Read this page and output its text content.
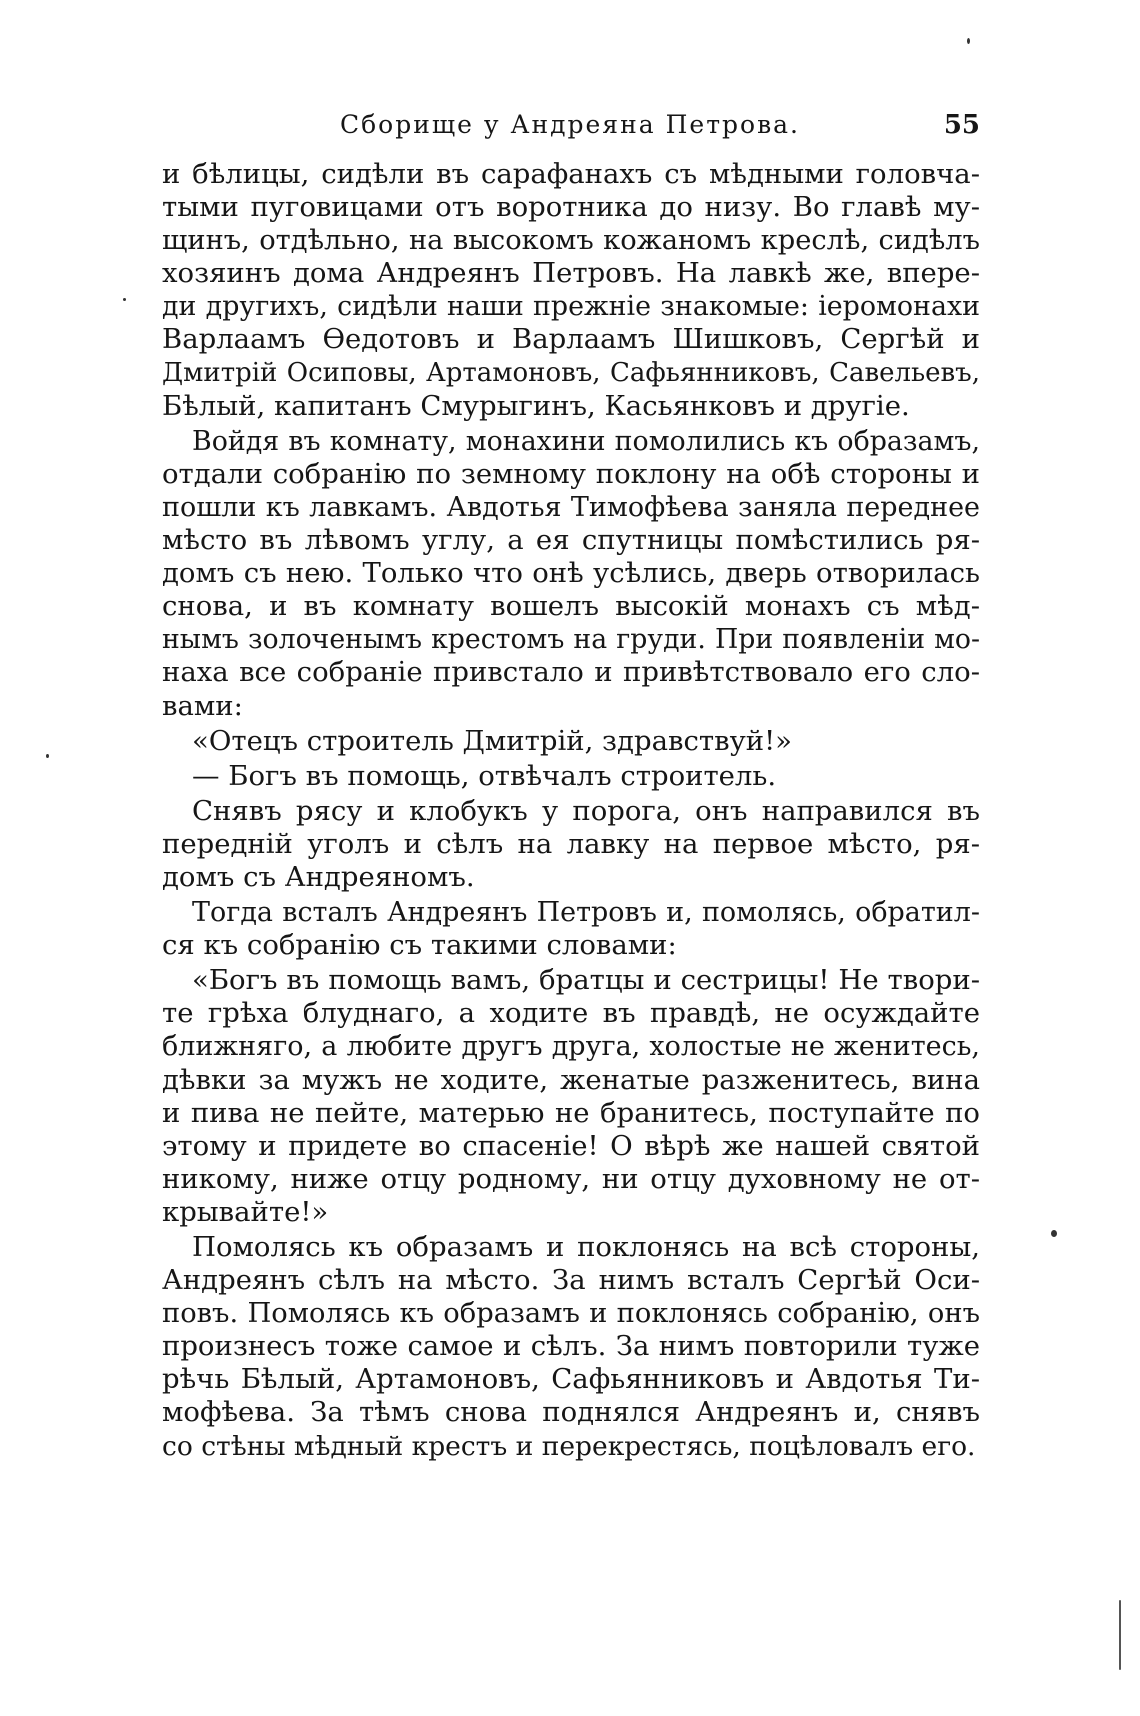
Сборище у Андреяна Петрова.	55
и бѣлицы, сидѣли въ сарафанахъ съ мѣдными головча-
тыми пуговицами отъ воротника до низу. Во главѣ му-
щинъ, отдѣльно, на высокомъ кожаномъ креслѣ, сидѣлъ
хозяинъ дома Андреянъ Петровъ. На лавкѣ же, впере-
ди другихъ, сидѣли наши прежніе знакомые: іеромонахи
Варлаамъ Ѳедотовъ и Варлаамъ Шишковъ, Сергѣй и
Дмитрій Осиповы, Артамоновъ, Сафьянниковъ, Савельевъ,
Бѣлый, капитанъ Смурыгинъ, Касьянковъ и другіе.
Войдя въ комнату, монахини помолились къ образамъ,
отдали собранію по земному поклону на обѣ стороны и
пошли къ лавкамъ. Авдотья Тимофѣева заняла переднее
мѣсто въ лѣвомъ углу, а ея спутницы помѣстились ря-
домъ съ нею. Только что онѣ усѣлись, дверь отворилась
снова, и въ комнату вошелъ высокій монахъ съ мѣд-
нымъ золоченымъ крестомъ на груди. При появленіи мо-
наха все собраніе привстало и привѣтствовало его сло-
вами:
«Отецъ строитель Дмитрій, здравствуй!»
— Богъ въ помощь, отвѣчалъ строитель.
Снявъ рясу и клобукъ у порога, онъ направился въ
передній уголъ и сѣлъ на лавку на первое мѣсто, ря-
домъ съ Андреяномъ.
Тогда всталъ Андреянъ Петровъ и, помолясь, обратил-
ся къ собранію съ такими словами:
«Богъ въ помощь вамъ, братцы и сестрицы! Не твори-
те грѣха блуднаго, а ходите въ правдѣ, не осуждайте
ближняго, а любите другъ друга, холостые не женитесь,
дѣвки за мужъ не ходите, женатые разженитесь, вина
и пива не пейте, матерью не бранитесь, поступайте по
этому и придете во спасеніе! О вѣрѣ же нашей святой
никому, ниже отцу родному, ни отцу духовному не от-
крывайте!»
Помолясь къ образамъ и поклонясь на всѣ стороны,
Андреянъ сѣлъ на мѣсто. За нимъ всталъ Сергѣй Оси-
повъ. Помолясь къ образамъ и поклонясь собранію, онъ
произнесъ тоже самое и сѣлъ. За нимъ повторили туже
рѣчь Бѣлый, Артамоновъ, Сафьянниковъ и Авдотья Ти-
мофѣева. За тѣмъ снова поднялся Андреянъ и, снявъ
со стѣны мѣдный крестъ и перекрестясь, поцѣловалъ его.
